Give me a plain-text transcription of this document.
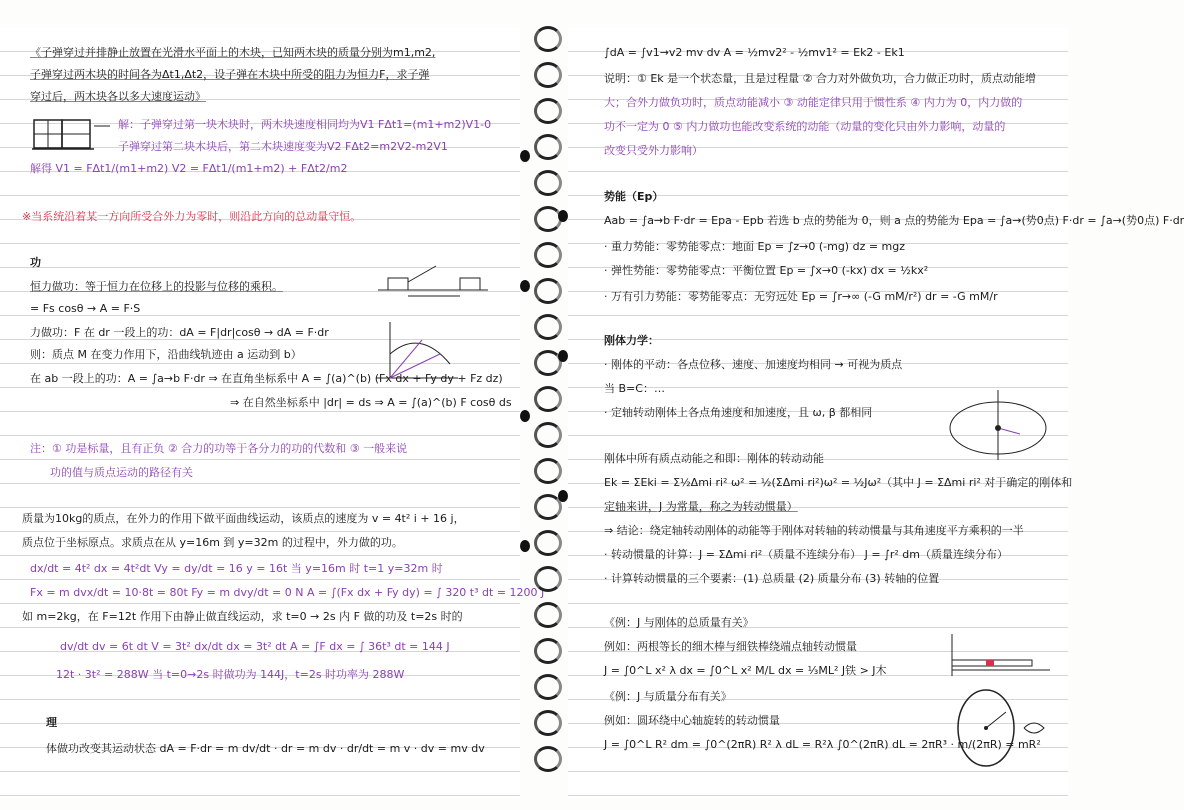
《子弹穿过并排静止放置在光滑水平面上的木块，已知两木块的质量分别为m1,m2,
子弹穿过两木块的时间各为Δt1,Δt2，设子弹在木块中所受的阻力为恒力F，求子弹
穿过后，两木块各以多大速度运动》
解：子弹穿过第一块木块时，两木块速度相同均为V1 FΔt1=(m1+m2)V1-0
子弹穿过第二块木块后，第二木块速度变为V2 FΔt2=m2V2-m2V1
解得 V1 = FΔt1/(m1+m2) V2 = FΔt1/(m1+m2) + FΔt2/m2
※当系统沿着某一方向所受合外力为零时，则沿此方向的总动量守恒。
功
恒力做功：等于恒力在位移上的投影与位移的乘积。
= Fs cosθ → A = F·S
力做功：F 在 dr 一段上的功：dA = F|dr|cosθ → dA = F·dr
则：质点 M 在变力作用下，沿曲线轨迹由 a 运动到 b）
在 ab 一段上的功：A = ∫a→b F·dr ⇒ 在直角坐标系中 A = ∫(a)^(b) (Fx dx + Fy dy + Fz dz)
⇒ 在自然坐标系中 |dr| = ds ⇒ A = ∫(a)^(b) F cosθ ds
注：① 功是标量，且有正负 ② 合力的功等于各分力的功的代数和 ③ 一般来说
功的值与质点运动的路径有关
质量为10kg的质点，在外力的作用下做平面曲线运动，该质点的速度为 v = 4t² i + 16 j，
质点位于坐标原点。求质点在从 y=16m 到 y=32m 的过程中，外力做的功。
dx/dt = 4t² dx = 4t²dt Vy = dy/dt = 16 y = 16t 当 y=16m 时 t=1 y=32m 时
Fx = m dvx/dt = 10·8t = 80t Fy = m dvy/dt = 0 N A = ∫(Fx dx + Fy dy) = ∫ 320 t³ dt = 1200 J
如 m=2kg，在 F=12t 作用下由静止做直线运动，求 t=0 → 2s 内 F 做的功及 t=2s 时的
dv/dt dv = 6t dt V = 3t² dx/dt dx = 3t² dt A = ∫F dx = ∫ 36t³ dt = 144 J
12t · 3t² = 288W 当 t=0→2s 时做功为 144J，t=2s 时功率为 288W
理
体做功改变其运动状态 dA = F·dr = m dv/dt · dr = m dv · dr/dt = m v · dv = mv dv
∫dA = ∫v1→v2 mv dv A = ½mv2² - ½mv1² = Ek2 - Ek1
说明：① Ek 是一个状态量，且是过程量 ② 合力对外做负功，合力做正功时，质点动能增
大；合外力做负功时，质点动能减小 ③ 动能定律只用于惯性系 ④ 内力为 0，内力做的
功不一定为 0 ⑤ 内力做功也能改变系统的动能（动量的变化只由外力影响，动量的
改变只受外力影响）
势能（Ep）
Aab = ∫a→b F·dr = Epa - Epb 若选 b 点的势能为 0，则 a 点的势能为 Epa = ∫a→(势0点) F·dr = ∫a→(势0点) F·dr
· 重力势能：零势能零点：地面 Ep = ∫z→0 (-mg) dz = mgz
· 弹性势能：零势能零点：平衡位置 Ep = ∫x→0 (-kx) dx = ½kx²
· 万有引力势能：零势能零点：无穷远处 Ep = ∫r→∞ (-G mM/r²) dr = -G mM/r
刚体力学：
· 刚体的平动：各点位移、速度、加速度均相同 → 可视为质点
当 B=C：…
· 定轴转动刚体上各点角速度和加速度，且 ω, β 都相同
刚体中所有质点动能之和即：刚体的转动动能
Ek = ΣEki = Σ½Δmi ri² ω² = ½(ΣΔmi ri²)ω² = ½Jω²（其中 J = ΣΔmi ri² 对于确定的刚体和
定轴来讲，J 为常量，称之为转动惯量）
⇒ 结论：绕定轴转动刚体的动能等于刚体对转轴的转动惯量与其角速度平方乘积的一半
· 转动惯量的计算：J = ΣΔmi ri²（质量不连续分布） J = ∫r² dm（质量连续分布）
· 计算转动惯量的三个要素：(1) 总质量 (2) 质量分布 (3) 转轴的位置
《例：J 与刚体的总质量有关》
例如：两根等长的细木棒与细铁棒绕端点轴转动惯量
J = ∫0^L x² λ dx = ∫0^L x² M/L dx = ⅓ML² J铁 > J木
《例：J 与质量分布有关》
例如：圆环绕中心轴旋转的转动惯量
J = ∫0^L R² dm = ∫0^(2πR) R² λ dL = R²λ ∫0^(2πR) dL = 2πR³ · m/(2πR) = mR²
